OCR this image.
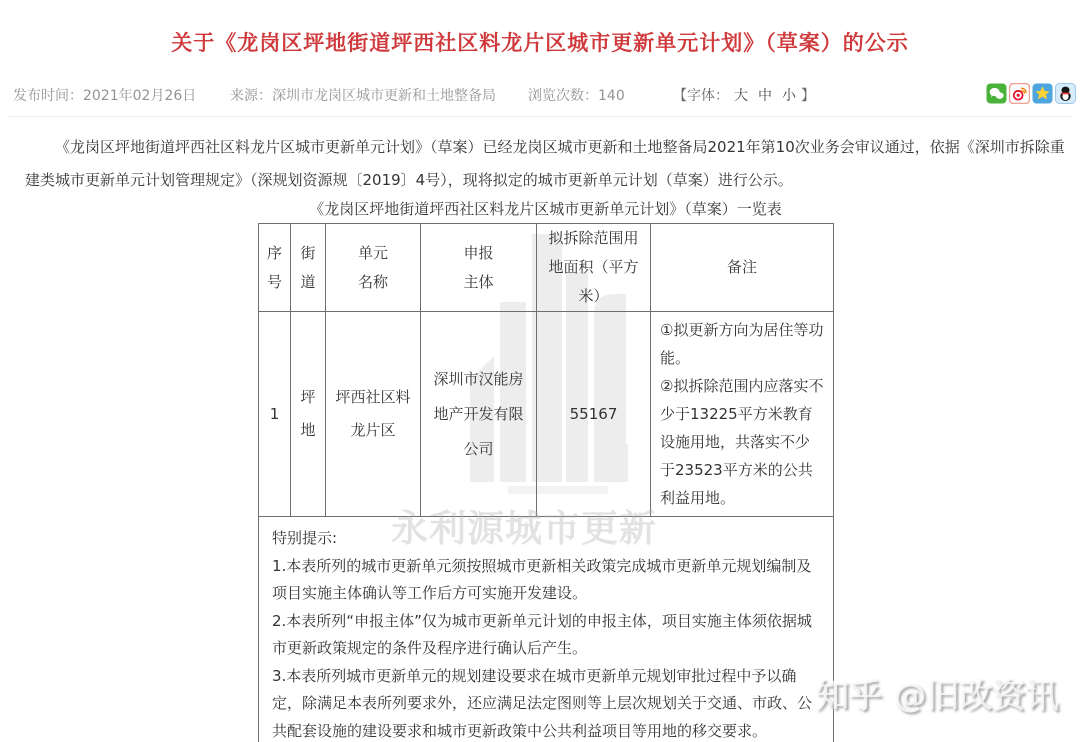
关于《龙岗区坪地街道坪西社区料龙片区城市更新单元计划》（草案）的公示
发布时间：2021年02月26日 来源：深圳市龙岗区城市更新和土地整备局 浏览次数：140	【字体： 大 中 小 】

《龙岗区坪地街道坪西社区料龙片区城市更新单元计划》（草案）已经龙岗区城市更新和土地整备局2021年第10次业务会审议通过，依据《深圳市拆除重建类城市更新单元计划管理规定》（深规划资源规〔2019〕4号），现将拟定的城市更新单元计划（草案）进行公示。

《龙岗区坪地街道坪西社区料龙片区城市更新单元计划》（草案）一览表
序号	街道	单元名称	申报主体	拟拆除范围用地面积（平方米）	备注
1	坪地	坪西社区料龙片区	深圳市汉能房地产开发有限公司	55167	①拟更新方向为居住等功能。
②拟拆除范围内应落实不少于13225平方米教育设施用地，共落实不少于23523平方米的公共利益用地。

特别提示:
1.本表所列的城市更新单元须按照城市更新相关政策完成城市更新单元规划编制及项目实施主体确认等工作后方可实施开发建设。
2.本表所列“申报主体”仅为城市更新单元计划的申报主体，项目实施主体须依据城市更新政策规定的条件及程序进行确认后产生。
3.本表所列城市更新单元的规划建设要求在城市更新单元规划审批过程中予以确定，除满足本表所列要求外，还应满足法定图则等上层次规划关于交通、市政、公共配套设施的建设要求和城市更新政策中公共利益项目等用地的移交要求。					
永利源城市更新
知乎 @旧改资讯
